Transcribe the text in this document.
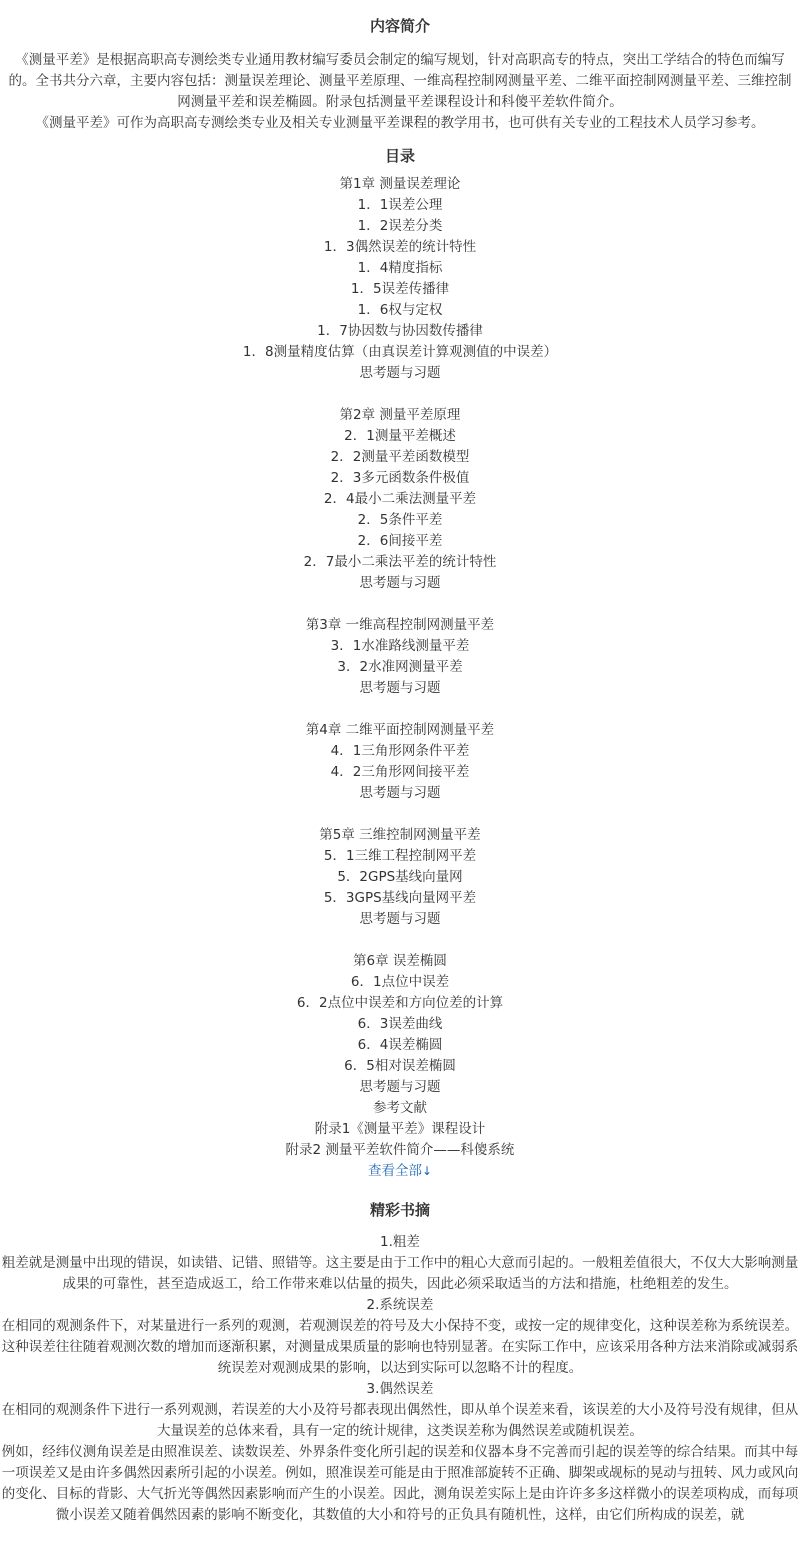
内容简介

《测量平差》是根据高职高专测绘类专业通用教材编写委员会制定的编写规划，针对高职高专的特点，突出工学结合的特色而编写的。全书共分六章，主要内容包括：测量误差理论、测量平差原理、一维高程控制网测量平差、二维平面控制网测量平差、三维控制网测量平差和误差椭圆。附录包括测量平差课程设计和科傻平差软件简介。

《测量平差》可作为高职高专测绘类专业及相关专业测量平差课程的教学用书，也可供有关专业的工程技术人员学习参考。

目录
第1章 测量误差理论
1．1误差公理
1．2误差分类
1．3偶然误差的统计特性
1．4精度指标
1．5误差传播律
1．6权与定权
1．7协因数与协因数传播律
1．8测量精度估算（由真误差计算观测值的中误差）
思考题与习题
第2章 测量平差原理
2．1测量平差概述
2．2测量平差函数模型
2．3多元函数条件极值
2．4最小二乘法测量平差
2．5条件平差
2．6间接平差
2．7最小二乘法平差的统计特性
思考题与习题
第3章 一维高程控制网测量平差
3．1水准路线测量平差
3．2水准网测量平差
思考题与习题
第4章 二维平面控制网测量平差
4．1三角形网条件平差
4．2三角形网间接平差
思考题与习题
第5章 三维控制网测量平差
5．1三维工程控制网平差
5．2GPS基线向量网
5．3GPS基线向量网平差
思考题与习题
第6章 误差椭圆
6．1点位中误差
6．2点位中误差和方向位差的计算
6．3误差曲线
6．4误差椭圆
6．5相对误差椭圆
思考题与习题
参考文献
附录1《测量平差》课程设计
附录2 测量平差软件简介——科傻系统
查看全部↓
精彩书摘
1.粗差

粗差就是测量中出现的错误，如读错、记错、照错等。这主要是由于工作中的粗心大意而引起的。一般粗差值很大，不仅大大影响测量成果的可靠性，甚至造成返工，给工作带来难以估量的损失，因此必须采取适当的方法和措施，杜绝粗差的发生。

2.系统误差

在相同的观测条件下，对某量进行一系列的观测，若观测误差的符号及大小保持不变，或按一定的规律变化，这种误差称为系统误差。这种误差往往随着观测次数的增加而逐渐积累，对测量成果质量的影响也特别显著。在实际工作中，应该采用各种方法来消除或减弱系统误差对观测成果的影响，以达到实际可以忽略不计的程度。

3.偶然误差

在相同的观测条件下进行一系列观测，若误差的大小及符号都表现出偶然性，即从单个误差来看，该误差的大小及符号没有规律，但从大量误差的总体来看，具有一定的统计规律，这类误差称为偶然误差或随机误差。

例如，经纬仪测角误差是由照准误差、读数误差、外界条件变化所引起的误差和仪器本身不完善而引起的误差等的综合结果。而其中每一项误差又是由许多偶然因素所引起的小误差。例如，照准误差可能是由于照准部旋转不正确、脚架或觇标的晃动与扭转、风力或风向的变化、目标的背影、大气折光等偶然因素影响而产生的小误差。因此，测角误差实际上是由许许多多这样微小的误差项构成，而每项微小误差又随着偶然因素的影响不断变化，其数值的大小和符号的正负具有随机性，这样，由它们所构成的误差，就
